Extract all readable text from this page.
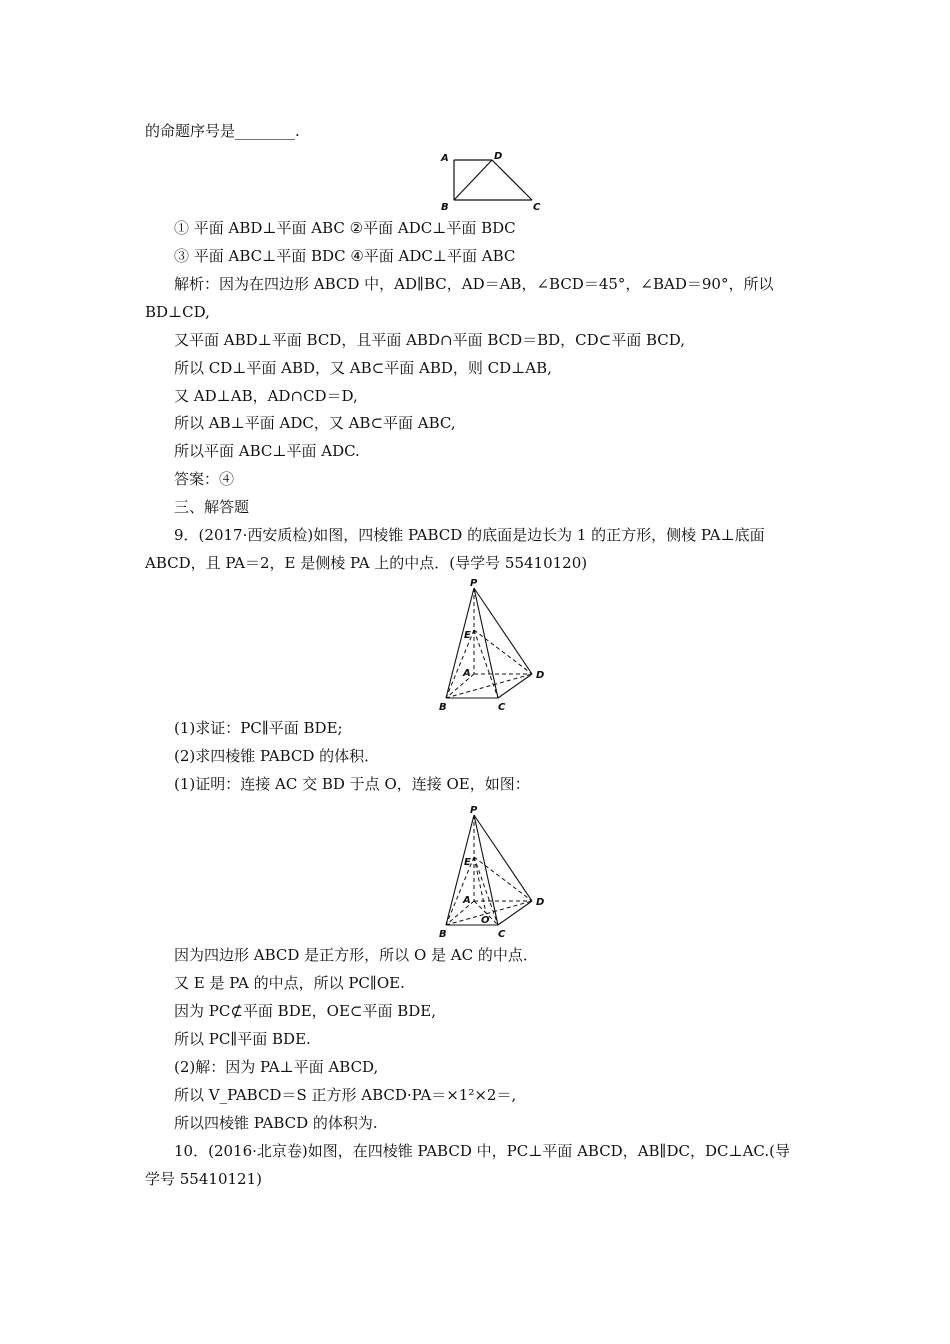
的命题序号是________.
① 平面 ABD⊥平面 ABC ②平面 ADC⊥平面 BDC
③ 平面 ABC⊥平面 BDC ④平面 ADC⊥平面 ABC
解析：因为在四边形 ABCD 中，AD∥BC，AD＝AB，∠BCD＝45°，∠BAD＝90°，所以
BD⊥CD,
又平面 ABD⊥平面 BCD，且平面 ABD∩平面 BCD＝BD，CD⊂平面 BCD,
所以 CD⊥平面 ABD，又 AB⊂平面 ABD，则 CD⊥AB,
又 AD⊥AB，AD∩CD＝D,
所以 AB⊥平面 ADC，又 AB⊂平面 ABC,
所以平面 ABC⊥平面 ADC.
答案：④
三、解答题
9．(2017·西安质检)如图，四棱锥 PABCD 的底面是边长为 1 的正方形，侧棱 PA⊥底面
ABCD，且 PA＝2，E 是侧棱 PA 上的中点．(导学号 55410120)
(1)求证：PC∥平面 BDE;
(2)求四棱锥 PABCD 的体积．
(1)证明：连接 AC 交 BD 于点 O，连接 OE，如图：
因为四边形 ABCD 是正方形，所以 O 是 AC 的中点．
又 E 是 PA 的中点，所以 PC∥OE.
因为 PC⊄平面 BDE，OE⊂平面 BDE,
所以 PC∥平面 BDE.
(2)解：因为 PA⊥平面 ABCD,
所以 V_PABCD＝S 正方形 ABCD·PA＝×1²×2＝,
所以四棱锥 PABCD 的体积为.
10．(2016·北京卷)如图，在四棱锥 PABCD 中，PC⊥平面 ABCD，AB∥DC，DC⊥AC.(导
学号 55410121)
A	D
B	C
P
E
A	D
B	C
P
E
A
O
D
B	C
